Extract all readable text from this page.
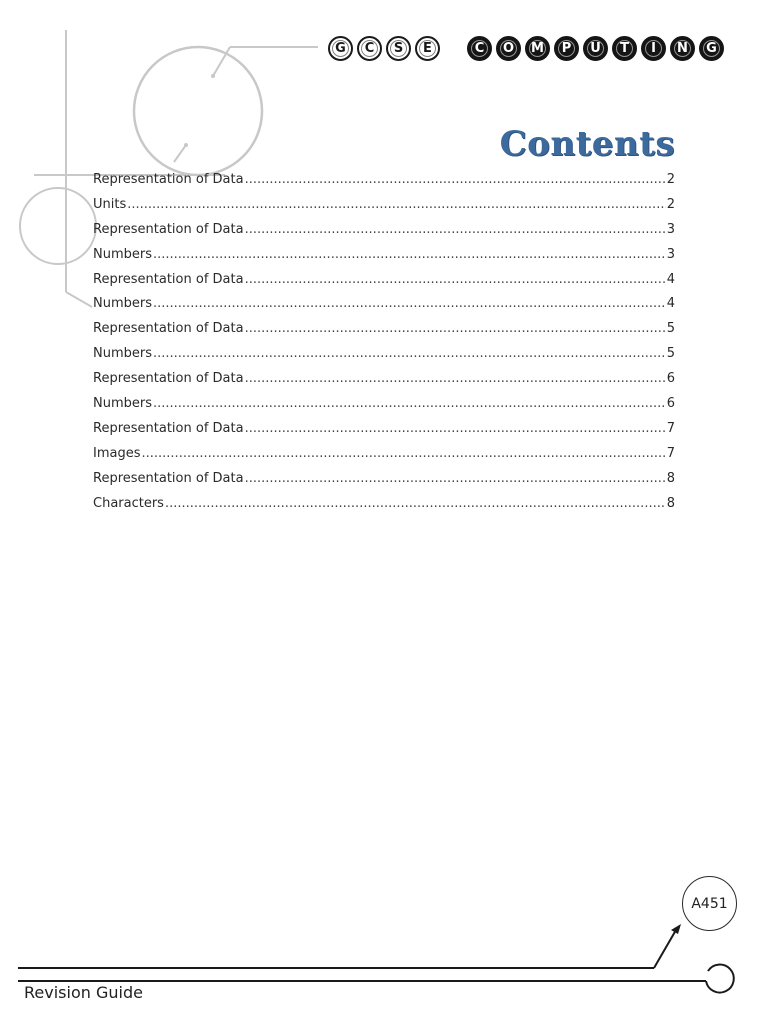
G	C	S	E	C	O	M	P	U	T	I	N	G
Contents
Representation of Data .....	2
Units .....	2
Representation of Data .....	3
Numbers .....	3
Representation of Data .....	4
Numbers .....	4
Representation of Data .....	5
Numbers .....	5
Representation of Data .....	6
Numbers .....	6
Representation of Data .....	7
Images .....	7
Representation of Data .....	8
Characters .....	8
A451
Revision Guide
